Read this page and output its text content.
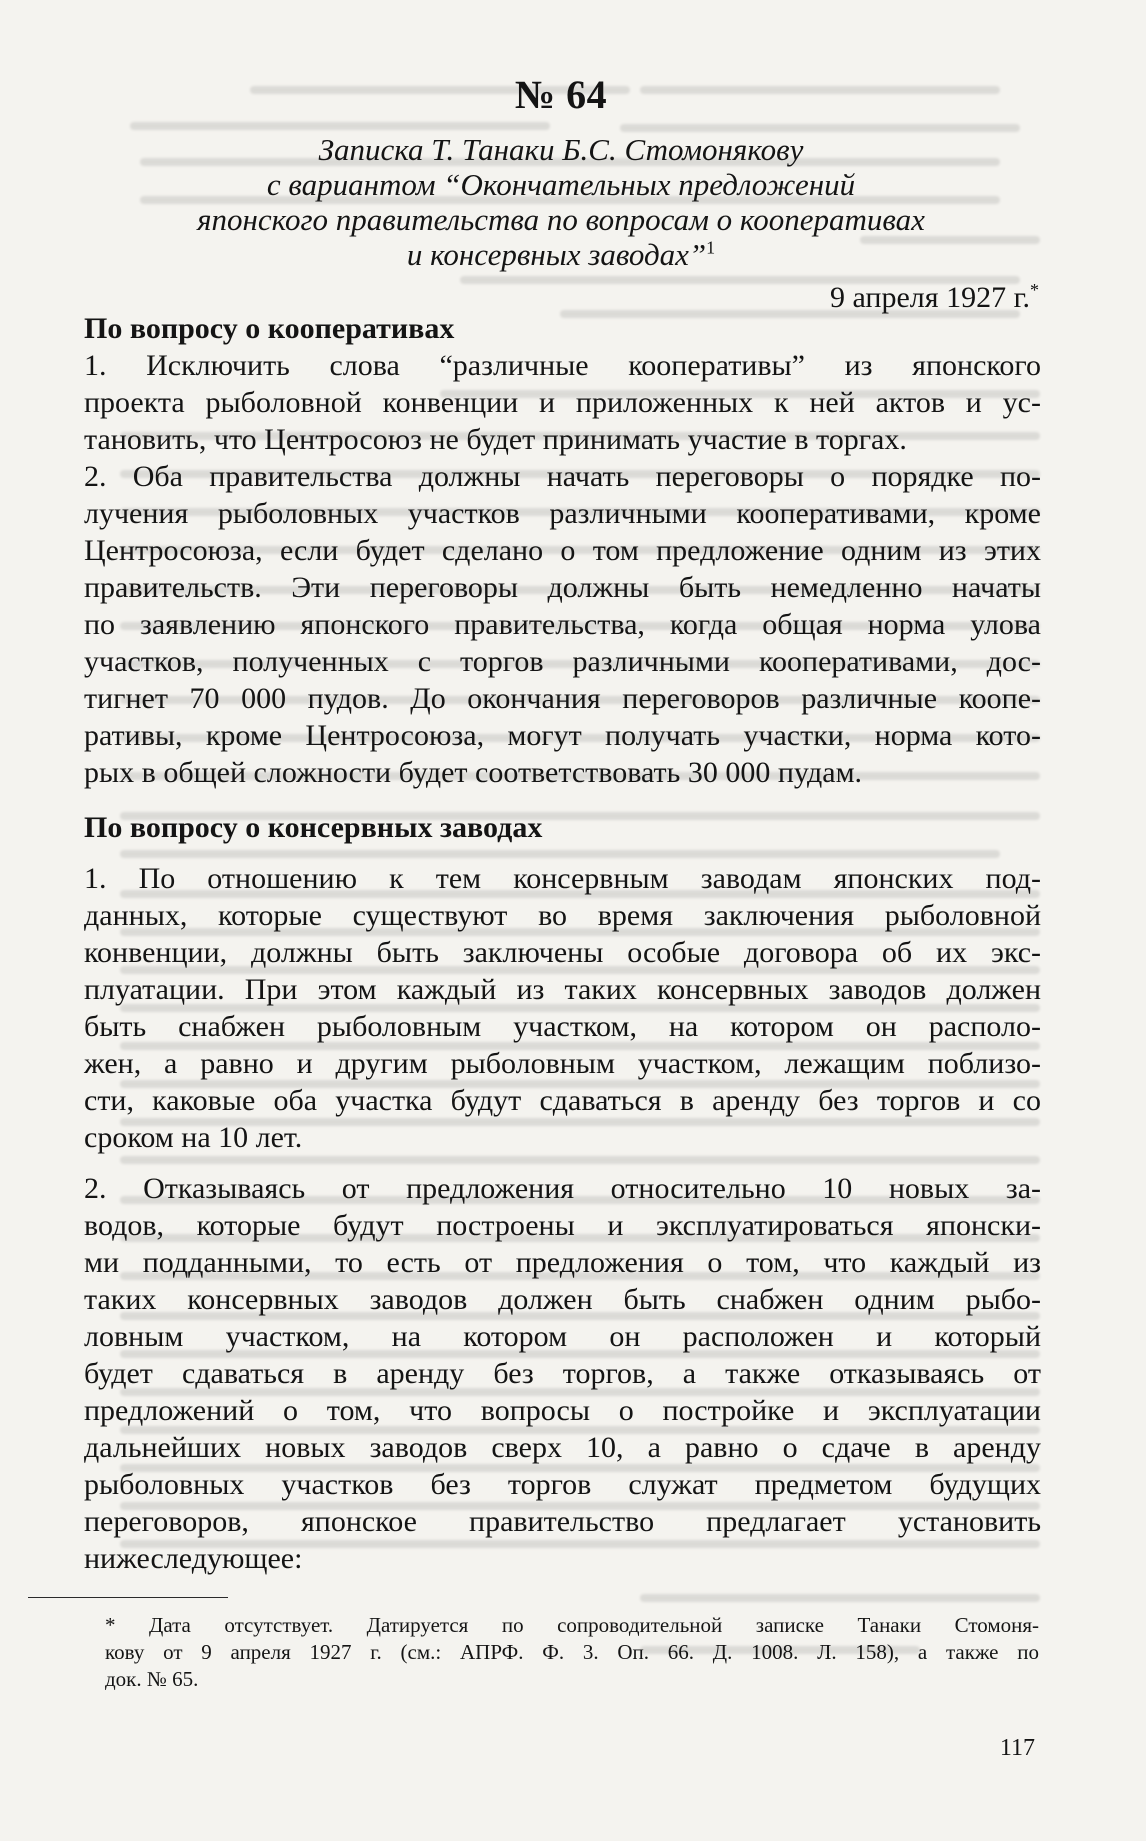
№ 64
Записка Т. Танаки Б.С. Стомонякову
с вариантом “Окончательных предложений
японского правительства по вопросам о кооперативах
и консервных заводах”$^1$

9 апреля 1927 г.*

По вопросу о кооперативах

1. Исключить слова “различные кооперативы” из японского
проекта рыболовной конвенции и приложенных к ней актов и ус-
тановить, что Центросоюз не будет принимать участие в торгах.

2. Оба правительства должны начать переговоры о порядке по-
лучения рыболовных участков различными кооперативами, кроме
Центросоюза, если будет сделано о том предложение одним из этих
правительств. Эти переговоры должны быть немедленно начаты
по заявлению японского правительства, когда общая норма улова
участков, полученных с торгов различными кооперативами, дос-
тигнет 70 000 пудов. До окончания переговоров различные коопе-
ративы, кроме Центросоюза, могут получать участки, норма кото-
рых в общей сложности будет соответствовать 30 000 пудам.

По вопросу о консервных заводах

1. По отношению к тем консервным заводам японских под-
данных, которые существуют во время заключения рыболовной
конвенции, должны быть заключены особые договора об их экс-
плуатации. При этом каждый из таких консервных заводов должен
быть снабжен рыболовным участком, на котором он располо-
жен, а равно и другим рыболовным участком, лежащим поблизо-
сти, каковые оба участка будут сдаваться в аренду без торгов и со
сроком на 10 лет.

2. Отказываясь от предложения относительно 10 новых за-
водов, которые будут построены и эксплуатироваться японски-
ми подданными, то есть от предложения о том, что каждый из
таких консервных заводов должен быть снабжен одним рыбо-
ловным участком, на котором он расположен и который
будет сдаваться в аренду без торгов, а также отказываясь от
предложений о том, что вопросы о постройке и эксплуатации
дальнейших новых заводов сверх 10, а равно о сдаче в аренду
рыболовных участков без торгов служат предметом будущих
переговоров, японское правительство предлагает установить
нижеследующее:

* Дата отсутствует. Датируется по сопроводительной записке Танаки Стомоня-
кову от 9 апреля 1927 г. (см.: АПРФ. Ф. 3. Оп. 66. Д. 1008. Л. 158), а также по
док. № 65.
117
